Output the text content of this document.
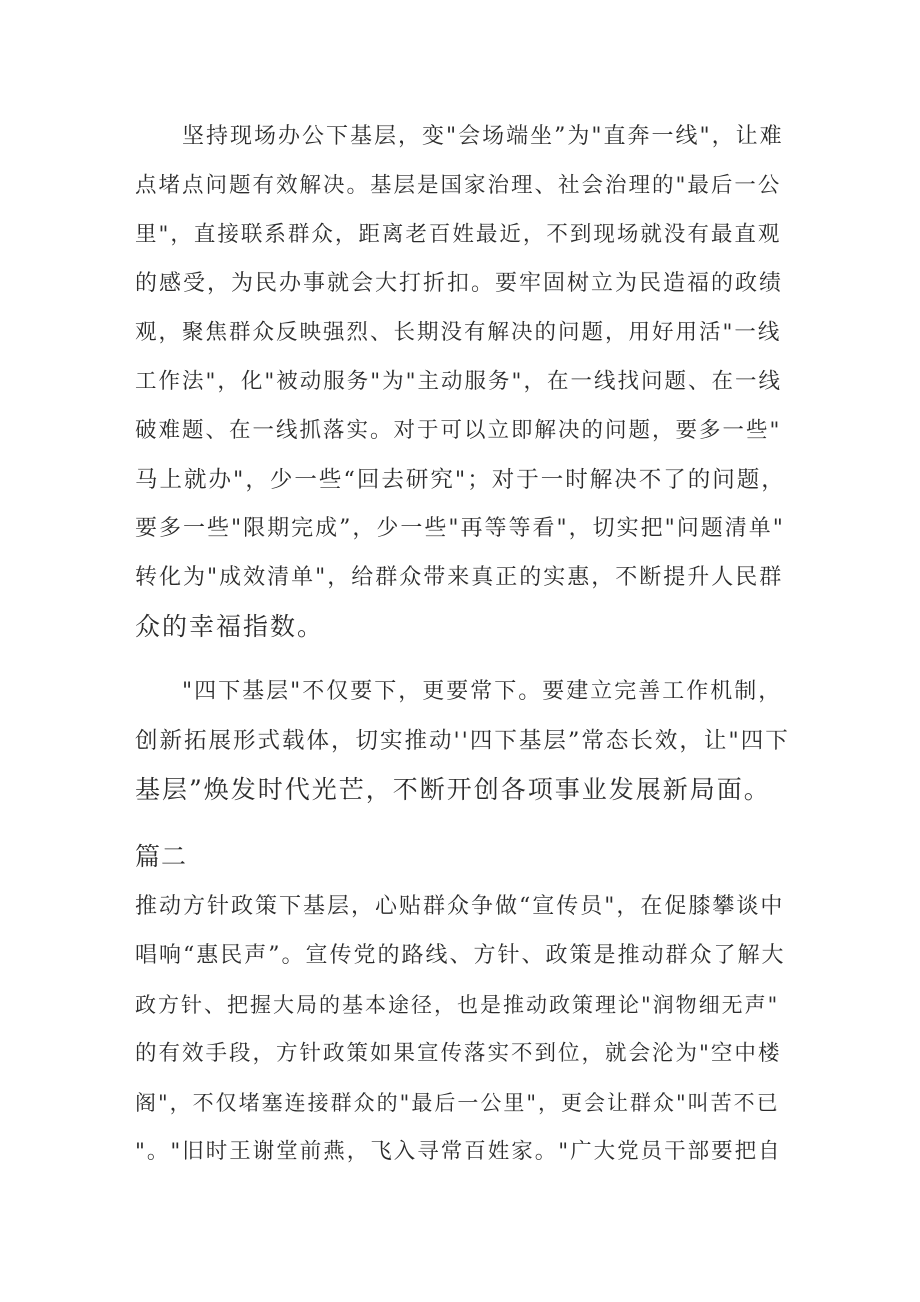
坚持现场办公下基层，变"会场端坐”为"直奔一线"，让难
点堵点问题有效解决。基层是国家治理、社会治理的"最后一公
里"，直接联系群众，距离老百姓最近，不到现场就没有最直观
的感受，为民办事就会大打折扣。要牢固树立为民造福的政绩
观，聚焦群众反映强烈、长期没有解决的问题，用好用活"一线
工作法"，化"被动服务"为"主动服务"，在一线找问题、在一线
破难题、在一线抓落实。对于可以立即解决的问题，要多一些"
马上就办"，少一些“回去研究"；对于一时解决不了的问题，
要多一些"限期完成”，少一些"再等等看"，切实把"问题清单"
转化为"成效清单"，给群众带来真正的实惠，不断提升人民群
众的幸福指数。
"四下基层"不仅要下，更要常下。要建立完善工作机制，
创新拓展形式载体，切实推动''四下基层”常态长效，让"四下
基层”焕发时代光芒，不断开创各项事业发展新局面。
篇二
推动方针政策下基层，心贴群众争做“宣传员"，在促膝攀谈中
唱响“惠民声”。宣传党的路线、方针、政策是推动群众了解大
政方针、把握大局的基本途径，也是推动政策理论"润物细无声"
的有效手段，方针政策如果宣传落实不到位，就会沦为"空中楼
阁"，不仅堵塞连接群众的"最后一公里"，更会让群众"叫苦不已
"。"旧时王谢堂前燕，飞入寻常百姓家。"广大党员干部要把自
